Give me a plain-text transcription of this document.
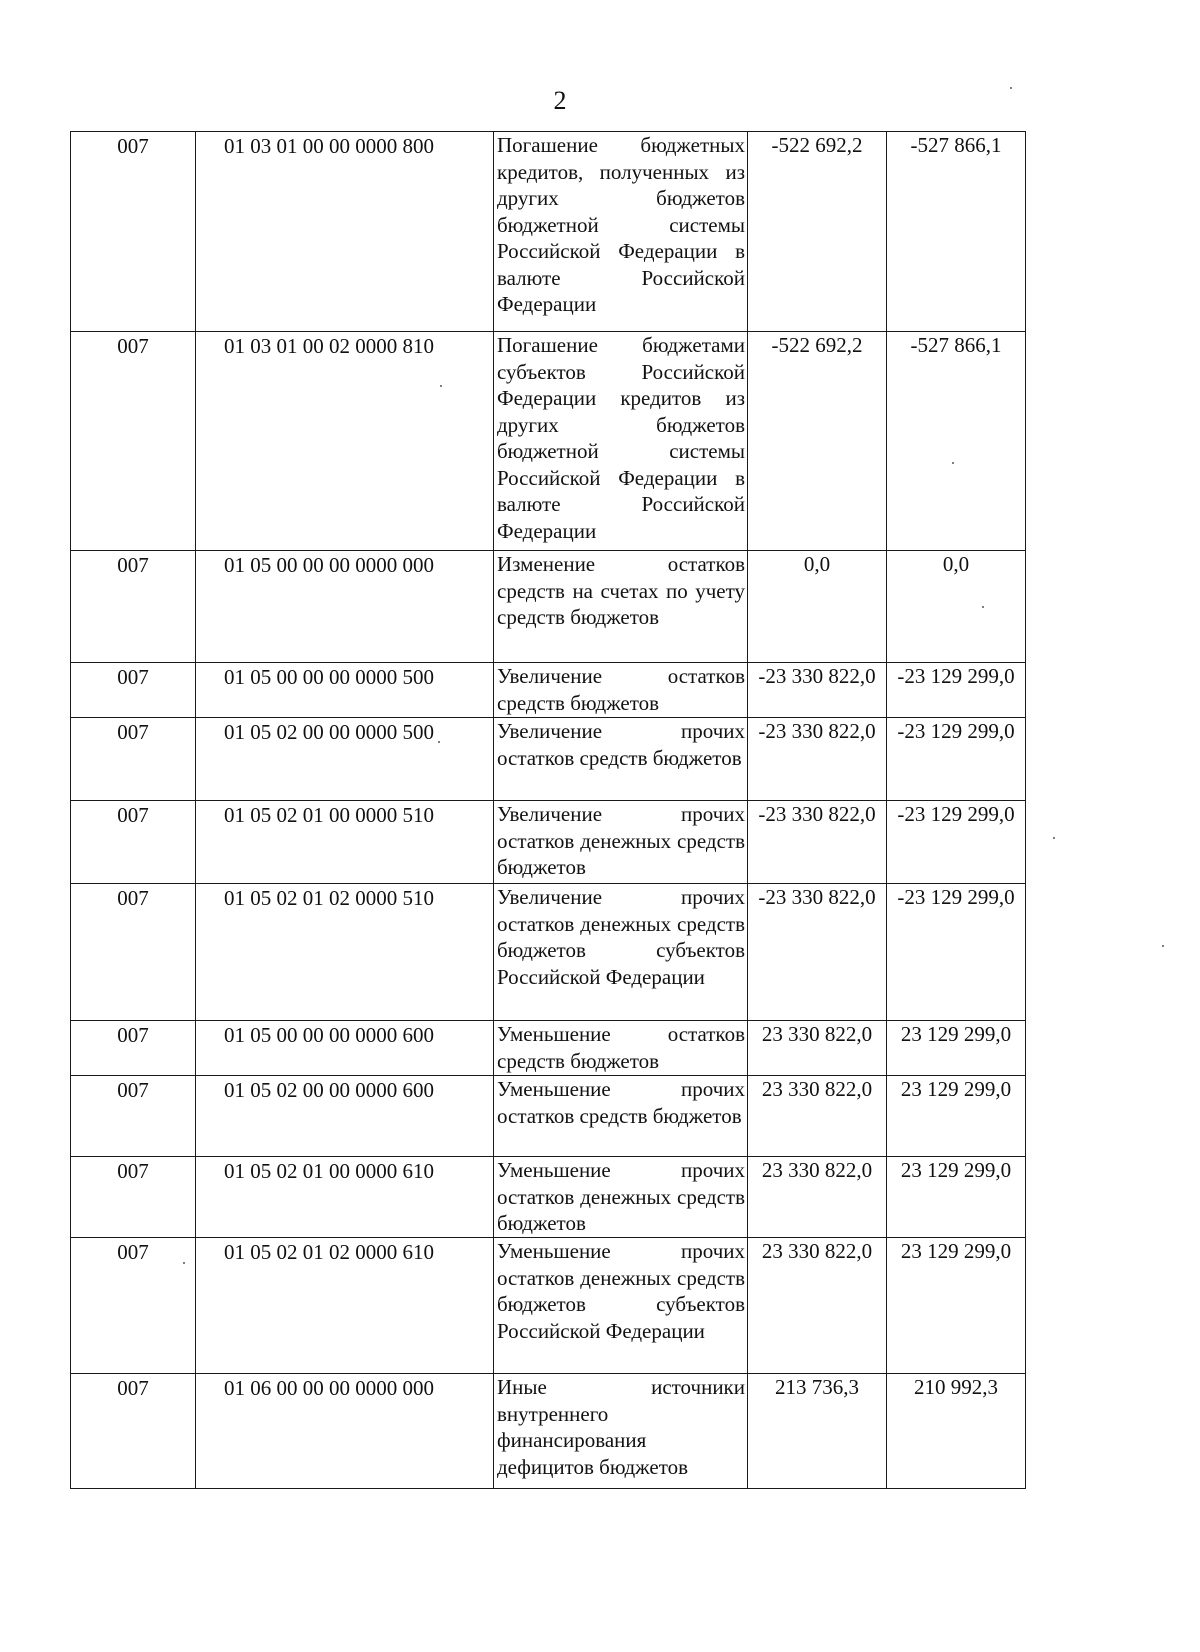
2
007	01 03 01 00 00 0000 800	Погашение бюджетных кредитов, полученных из других бюджетов бюджетной системы Российской Федерации в валюте Российской Федерации	-522 692,2	-527 866,1
007	01 03 01 00 02 0000 810	Погашение бюджетами субъектов Российской Федерации кредитов из других бюджетов бюджетной системы Российской Федерации в валюте Российской Федерации	-522 692,2	-527 866,1
007	01 05 00 00 00 0000 000	Изменение остатков средств на счетах по учету средств бюджетов	0,0	0,0
007	01 05 00 00 00 0000 500	Увеличение остатков средств бюджетов	-23 330 822,0	-23 129 299,0
007	01 05 02 00 00 0000 500	Увеличение прочих остатков средств бюджетов	-23 330 822,0	-23 129 299,0
007	01 05 02 01 00 0000 510	Увеличение прочих остатков денежных средств бюджетов	-23 330 822,0	-23 129 299,0
007	01 05 02 01 02 0000 510	Увеличение прочих остатков денежных средств бюджетов субъектов Российской Федерации	-23 330 822,0	-23 129 299,0
007	01 05 00 00 00 0000 600	Уменьшение остатков средств бюджетов	23 330 822,0	23 129 299,0
007	01 05 02 00 00 0000 600	Уменьшение прочих остатков средств бюджетов	23 330 822,0	23 129 299,0
007	01 05 02 01 00 0000 610	Уменьшение прочих остатков денежных средств бюджетов	23 330 822,0	23 129 299,0
007	01 05 02 01 02 0000 610	Уменьшение прочих остатков денежных средств бюджетов субъектов Российской Федерации	23 330 822,0	23 129 299,0
007	01 06 00 00 00 0000 000	Иные источники внутреннего финансирования дефицитов бюджетов	213 736,3	210 992,3
